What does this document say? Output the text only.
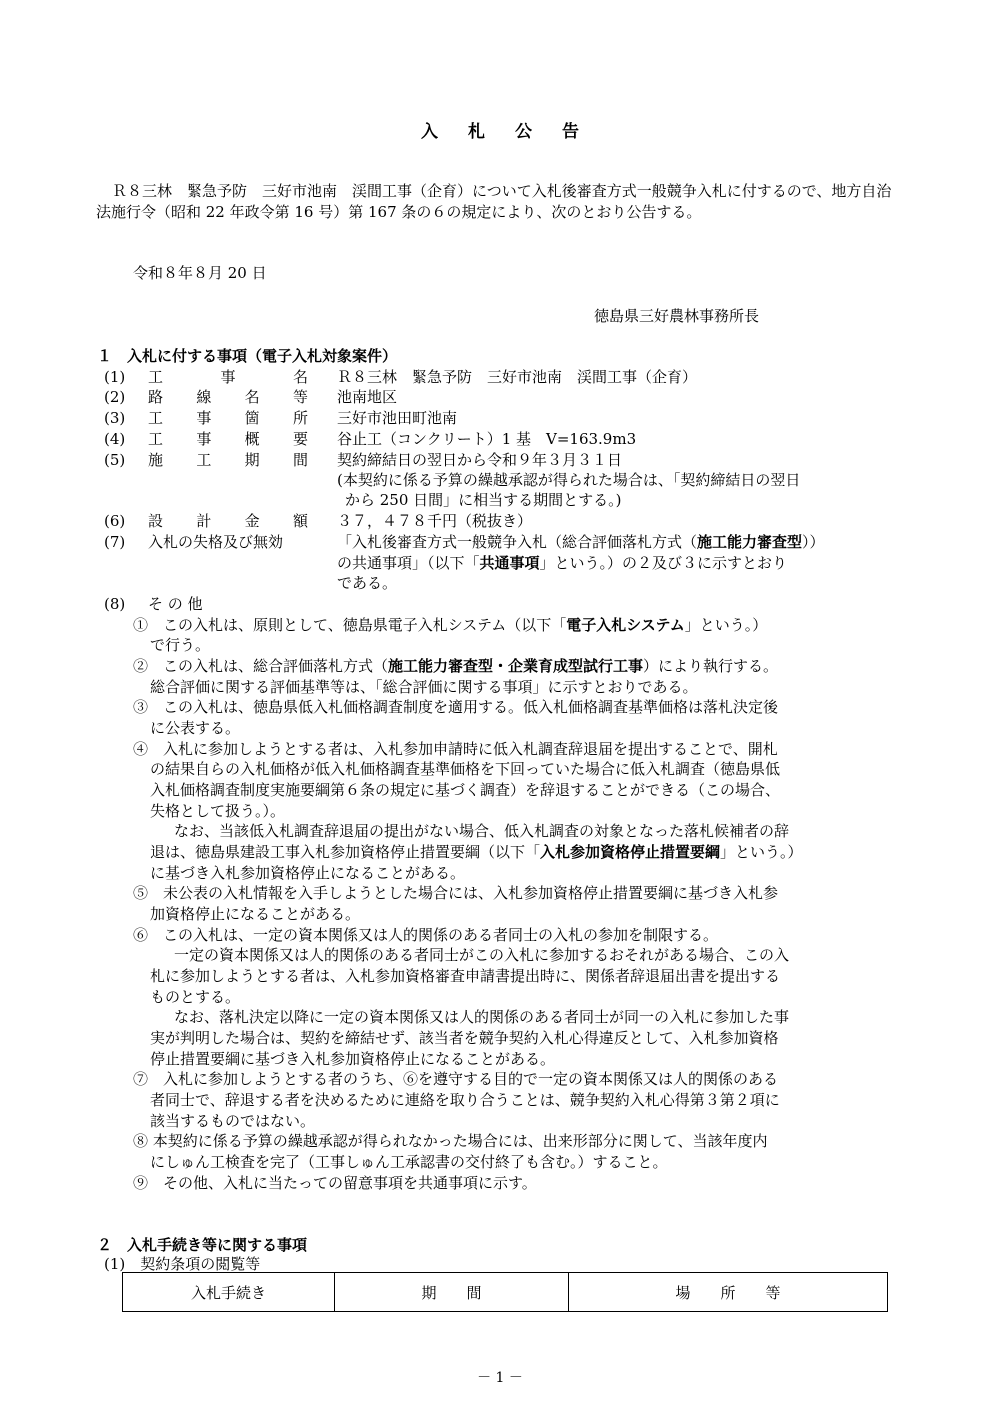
入札公告
Ｒ８三林　緊急予防　三好市池南　渓間工事（企育）について入札後審査方式一般競争入札に付するので、地方自治法施行令（昭和 22 年政令第 16 号）第 167 条の６の規定により、次のとおり公告する。
令和８年８月 20 日
徳島県三好農林事務所長
１　入札に付する事項（電子入札対象案件）
(1) 工	事	名 Ｒ８三林　緊急予防　三好市池南　渓間工事（企育）
(2) 路 線 名 等 池南地区
(3) 工 事 箇 所 三好市池田町池南
(4) 工 事 概 要 谷止工（コンクリート）1 基　V=163.9m3
(5) 施 工 期 間 契約締結日の翌日から令和９年３月３１日
(本契約に係る予算の繰越承認が得られた場合は、「契約締結日の翌日
から 250 日間」に相当する期間とする。)
(6) 設 計 金 額 ３７，４７８千円（税抜き）
(7) 入札の失格及び無効	「入札後審査方式一般競争入札（総合評価落札方式（施工能力審査型））
の共通事項」（以下「共通事項」という。）の２及び３に示すとおり
である。
(8) そ の 他
①　この入札は、原則として、徳島県電子入札システム（以下「電子入札システム」という。）
で行う。
②　この入札は、総合評価落札方式（施工能力審査型・企業育成型試行工事）により執行する。
総合評価に関する評価基準等は、「総合評価に関する事項」に示すとおりである。
③　この入札は、徳島県低入札価格調査制度を適用する。低入札価格調査基準価格は落札決定後
に公表する。
④　入札に参加しようとする者は、入札参加申請時に低入札調査辞退届を提出することで、開札
の結果自らの入札価格が低入札価格調査基準価格を下回っていた場合に低入札調査（徳島県低
入札価格調査制度実施要綱第６条の規定に基づく調査）を辞退することができる（この場合、
失格として扱う。）。
なお、当該低入札調査辞退届の提出がない場合、低入札調査の対象となった落札候補者の辞
退は、徳島県建設工事入札参加資格停止措置要綱（以下「入札参加資格停止措置要綱」という。）
に基づき入札参加資格停止になることがある。
⑤　未公表の入札情報を入手しようとした場合には、入札参加資格停止措置要綱に基づき入札参
加資格停止になることがある。
⑥　この入札は、一定の資本関係又は人的関係のある者同士の入札の参加を制限する。
一定の資本関係又は人的関係のある者同士がこの入札に参加するおそれがある場合、この入
札に参加しようとする者は、入札参加資格審査申請書提出時に、関係者辞退届出書を提出する
ものとする。
なお、落札決定以降に一定の資本関係又は人的関係のある者同士が同一の入札に参加した事
実が判明した場合は、契約を締結せず、該当者を競争契約入札心得違反として、入札参加資格
停止措置要綱に基づき入札参加資格停止になることがある。
⑦　入札に参加しようとする者のうち、⑥を遵守する目的で一定の資本関係又は人的関係のある
者同士で、辞退する者を決めるために連絡を取り合うことは、競争契約入札心得第３第２項に
該当するものではない。
⑧ 本契約に係る予算の繰越承認が得られなかった場合には、出来形部分に関して、当該年度内
にしゅん工検査を完了（工事しゅん工承認書の交付終了も含む。）すること。
⑨　その他、入札に当たっての留意事項を共通事項に示す。
２　入札手続き等に関する事項
(1)　契約条項の閲覧等
入札手続き	期　　間	場　　所　　等
－ 1 －
